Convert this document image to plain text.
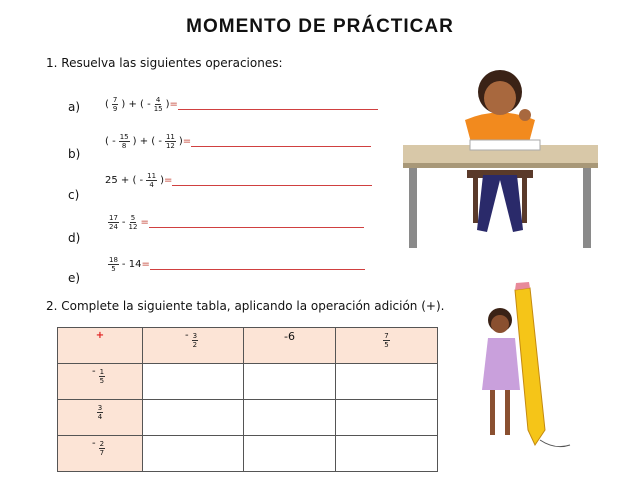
MOMENTO DE PRÁCTICAR
1. Resuelva las siguientes operaciones:
a) ( $\frac{7}{9}$ ) + ( - $\frac{4}{15}$ ) =
b)
( - $\frac{15}{8}$ ) + ( - $\frac{11}{12}$ ) =
c)
25 + ( - $\frac{11}{4}$ ) =
d)
$\frac{17}{24} - \frac{5}{12}$ =
e)
$\frac{18}{5} - 14$ =
2. Complete la siguiente tabla, aplicando la operación adición (+).
+	- $\frac{3}{2}$	-6	$\frac{7}{5}$

- $\frac{1}{5}$

$\frac{3}{4}$

- $\frac{2}{7}$
